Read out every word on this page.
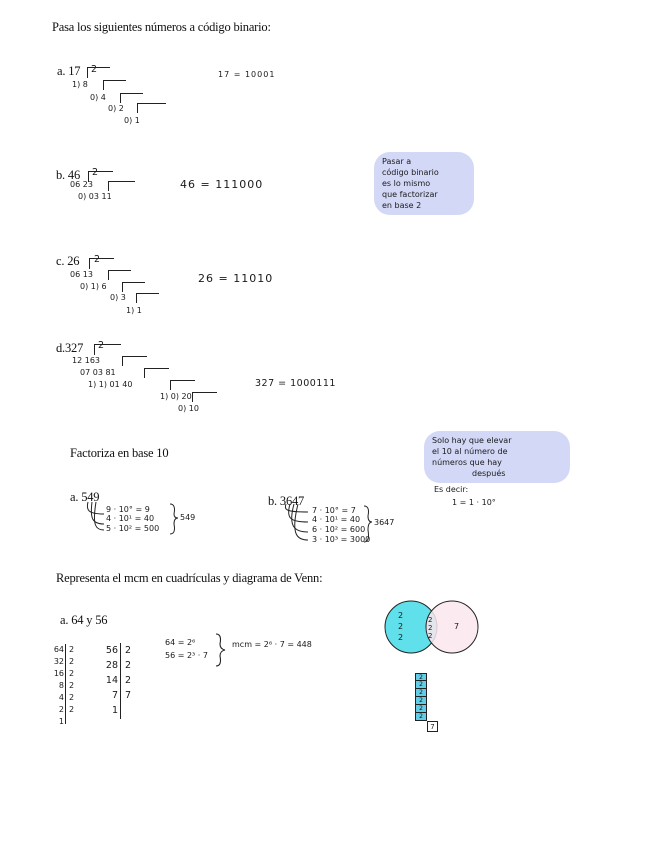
Pasa los siguientes números a código binario:
a. 17 2
1) 8
0) 4
0) 2
0) 1
17 = 10001
b. 46 2
06 23
0) 03 11
46 = 111000
Pasar a
código binario
es lo mismo
que factorizar
en base 2
c. 26 2
06 13
0) 1) 6
0) 3
1) 1
26 = 11010
d.327 2
12 163
07 03 81
1) 1) 01 40
1) 0) 20
0) 10
327 = 1000111
Factoriza en base 10
Solo hay que elevar
el 10 al número de
números que hay
después
Es decir:
1 = 1 · 10°
a. 549
9 · 10° = 9
4 · 10¹ = 40
5 · 10² = 500
549
b. 3647
7 · 10° = 7
4 · 10¹ = 40
6 · 10² = 600
3 · 10³ = 3000
3647
Representa el mcm en cuadrículas y diagrama de Venn:
a. 64 y 56
64
32
16
8
4
2
1
2
2
2
2
2
2
56
28
14
7
1
2
2
2
7
64 = 2⁶
56 = 2³ · 7
mcm = 2⁶ · 7 = 448
2
2
2
2
2
2
7
2
2
2
2
2
2
7
